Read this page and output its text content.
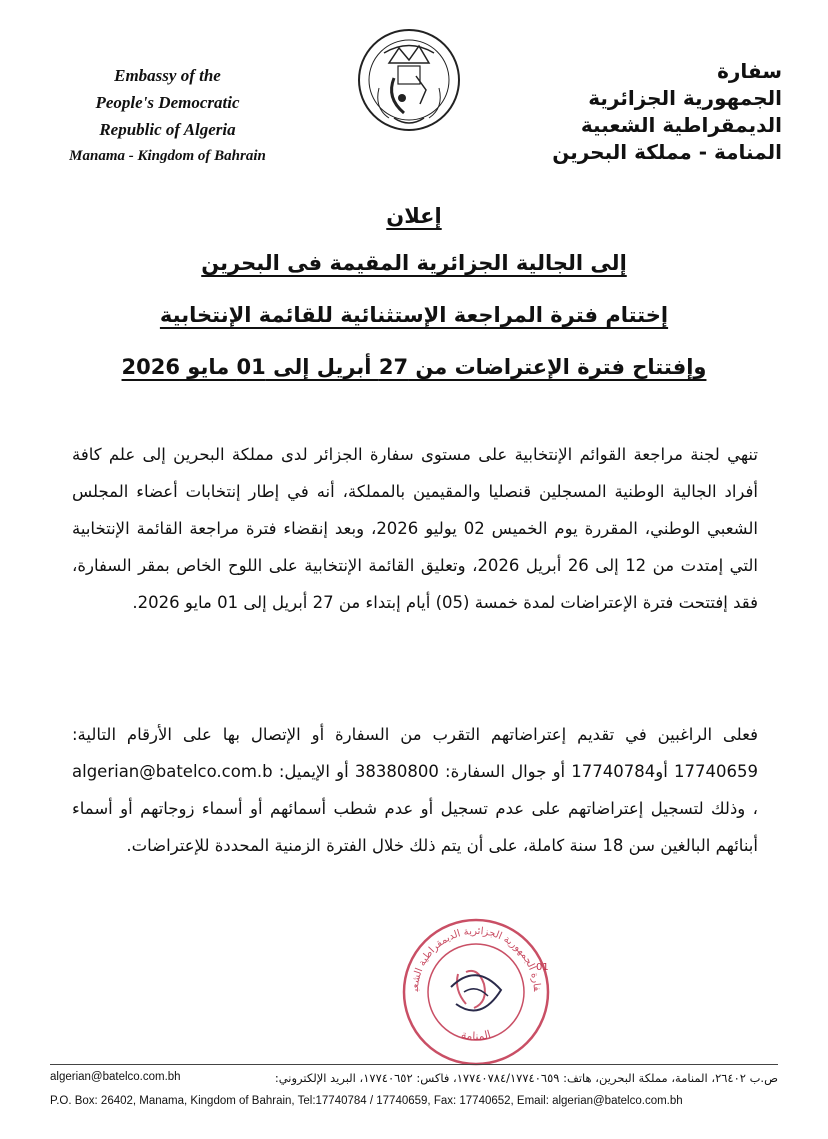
Embassy of the
People's Democratic
Republic of Algeria
Manama - Kingdom of Bahrain
سفارة
الجمهورية الجزائرية
الديمقراطية الشعبية
المنامة - مملكة البحرين
إعلان
إلى الجالية الجزائرية المقيمة فى البحرين
إختتام فترة المراجعة الإستثنائية للقائمة الإنتخابية
وإفتتاح فترة الإعتراضات من 27 أبريل إلى 01 مايو 2026
تنهي لجنة مراجعة القوائم الإنتخابية على مستوى سفارة الجزائر لدى مملكة البحرين إلى علم كافة أفراد الجالية الوطنية المسجلين قنصليا والمقيمين بالمملكة، أنه في إطار إنتخابات أعضاء المجلس الشعبي الوطني، المقررة يوم الخميس 02 يوليو 2026، وبعد إنقضاء فترة مراجعة القائمة الإنتخابية التي إمتدت من 12 إلى 26 أبريل 2026، وتعليق القائمة الإنتخابية على اللوح الخاص بمقر السفارة، فقد إفتتحت فترة الإعتراضات لمدة خمسة (05) أيام إبتداء من 27 أبريل إلى 01 مايو 2026.
فعلى الراغبين في تقديم إعتراضاتهم التقرب من السفارة أو الإتصال بها على الأرقام التالية: 17740659 أو17740784 أو جوال السفارة: 38380800 أو الإيميل: algerian@batelco.com.b ، وذلك لتسجيل إعتراضاتهم على عدم تسجيل أو عدم شطب أسمائهم أو أسماء زوجاتهم أو أسماء أبنائهم البالغين سن 18 سنة كاملة، على أن يتم ذلك خلال الفترة الزمنية المحددة للإعتراضات.
فارة الجمهورية الجزائرية الديمقراطية الشعب
المنامة
01
ص.ب ٢٦٤٠٢، المنامة، مملكة البحرين، هاتف: ١٧٧٤٠٧٨٤/١٧٧٤٠٦٥٩، فاكس: ١٧٧٤٠٦٥٢، البريد الإلكتروني:
algerian@batelco.com.bh
P.O. Box: 26402, Manama, Kingdom of Bahrain, Tel:17740784 / 17740659, Fax: 17740652, Email: algerian@batelco.com.bh
